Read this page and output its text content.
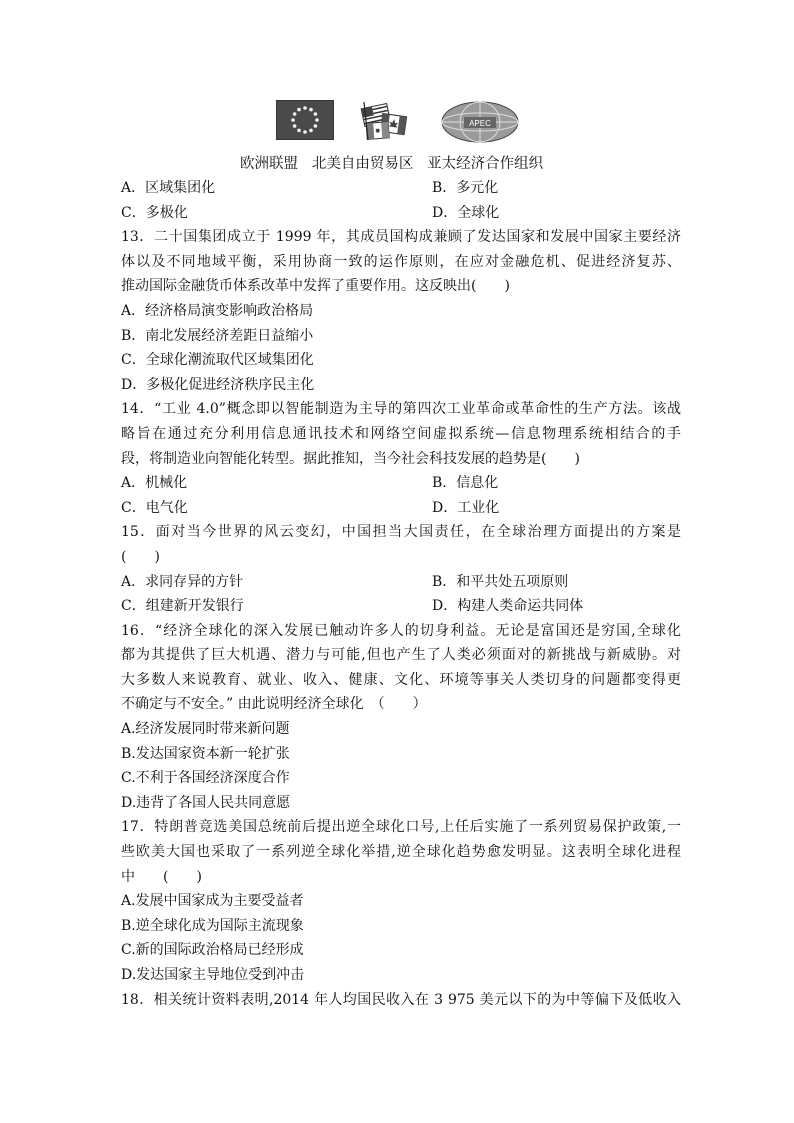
APEC
欧洲联盟   北美自由贸易区   亚太经济合作组织
A．区域集团化	B．多元化
C．多极化	D．全球化
13．二十国集团成立于 1999 年，其成员国构成兼顾了发达国家和发展中国家主要经济
体以及不同地域平衡，采用协商一致的运作原则，在应对金融危机、促进经济复苏、
推动国际金融货币体系改革中发挥了重要作用。这反映出(　　)
A．经济格局演变影响政治格局
B．南北发展经济差距日益缩小
C．全球化潮流取代区域集团化
D．多极化促进经济秩序民主化
14．“工业 4.0”概念即以智能制造为主导的第四次工业革命或革命性的生产方法。该战
略旨在通过充分利用信息通讯技术和网络空间虚拟系统—信息物理系统相结合的手
段，将制造业向智能化转型。据此推知，当今社会科技发展的趋势是(　　)
A．机械化	B．信息化
C．电气化	D．工业化
15．面对当今世界的风云变幻，中国担当大国责任，在全球治理方面提出的方案是
(　　)
A．求同存异的方针	B．和平共处五项原则
C．组建新开发银行	D．构建人类命运共同体
16．“经济全球化的深入发展已触动许多人的切身利益。无论是富国还是穷国,全球化
都为其提供了巨大机遇、潜力与可能,但也产生了人类必须面对的新挑战与新威胁。对
大多数人来说教育、就业、收入、健康、文化、环境等事关人类切身的问题都变得更
不确定与不安全。” 由此说明经济全球化　（　　）
A.经济发展同时带来新问题
B.发达国家资本新一轮扩张
C.不利于各国经济深度合作
D.违背了各国人民共同意愿
17．特朗普竞选美国总统前后提出逆全球化口号,上任后实施了一系列贸易保护政策,一
些欧美大国也采取了一系列逆全球化举措,逆全球化趋势愈发明显。这表明全球化进程
中　　(　　)
A.发展中国家成为主要受益者
B.逆全球化成为国际主流现象
C.新的国际政治格局已经形成
D.发达国家主导地位受到冲击
18．相关统计资料表明,2014 年人均国民收入在 3 975 美元以下的为中等偏下及低收入
